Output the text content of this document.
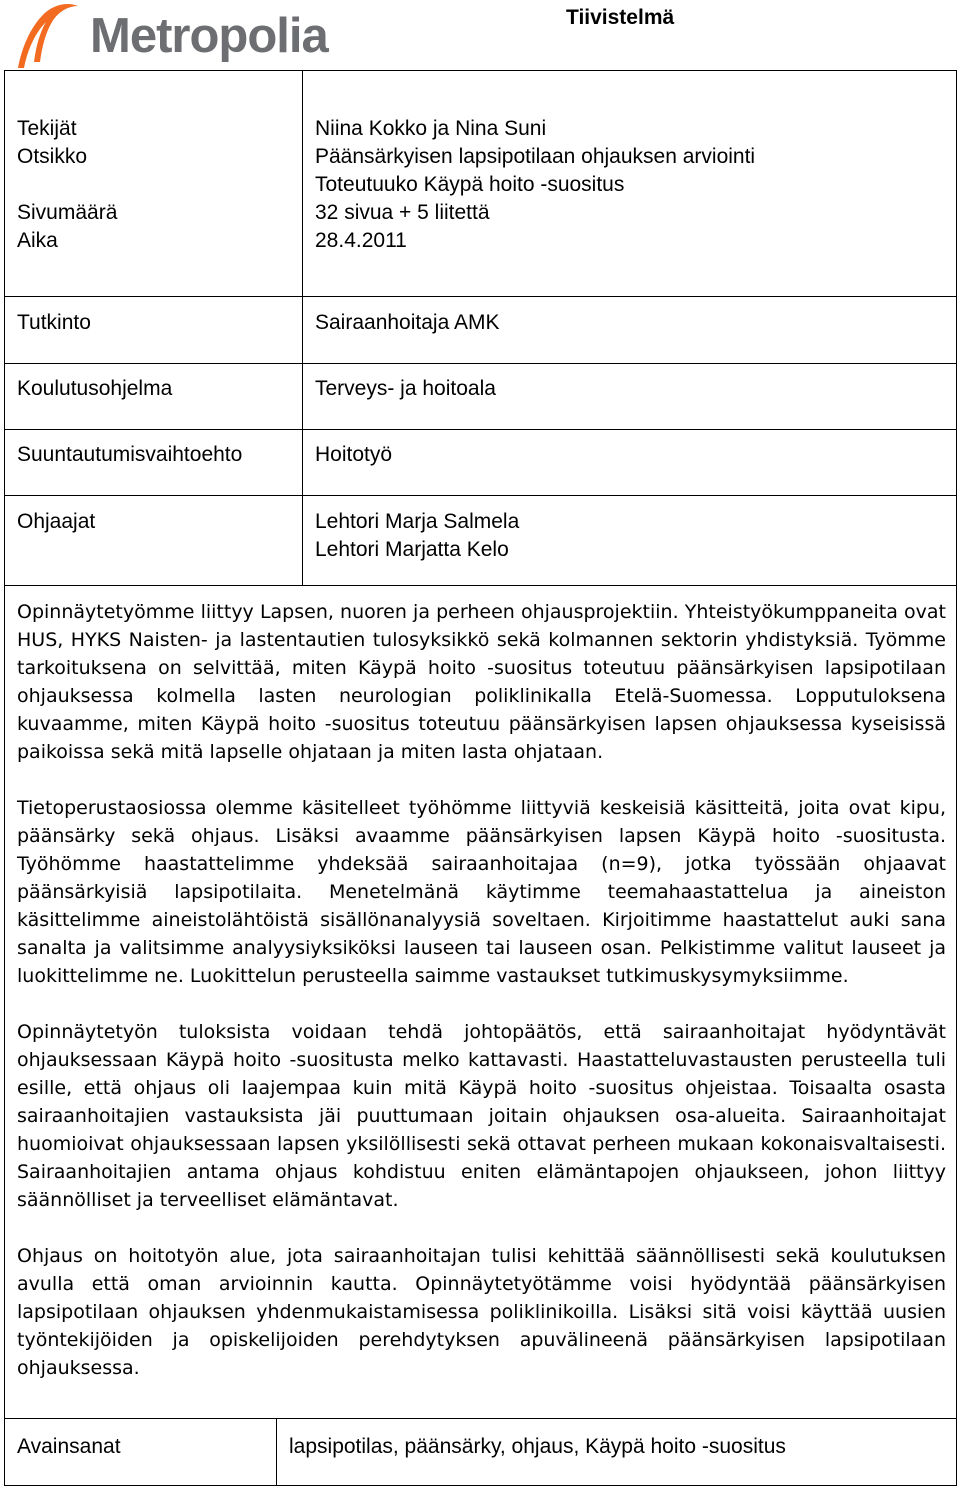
Metropolia	Tiivistelmä
Tekijät	Niina Kokko ja Nina Suni
Otsikko	Päänsärkyisen lapsipotilaan ohjauksen arviointi
Toteutuuko Käypä hoito -suositus
Sivumäärä	32 sivua + 5 liitettä
Aika	28.4.2011
Tutkinto	Sairaanhoitaja AMK
Koulutusohjelma	Terveys- ja hoitoala
Suuntautumisvaihtoehto	Hoitotyö
Ohjaajat	Lehtori Marja Salmela
Lehtori Marjatta Kelo

Opinnäytetyömme liittyy Lapsen, nuoren ja perheen ohjausprojektiin. Yhteistyökumppaneita ovat HUS, HYKS Naisten- ja lastentautien tulosyksikkö sekä kolmannen sektorin yhdistyksiä. Työmme tarkoituksena on selvittää, miten Käypä hoito -suositus toteutuu päänsärkyisen lapsipotilaan ohjauksessa kolmella lasten neurologian poliklinikalla Etelä-Suomessa. Lopputuloksena kuvaamme, miten Käypä hoito -suositus toteutuu päänsärkyisen lapsen ohjauksessa kyseisissä paikoissa sekä mitä lapselle ohjataan ja miten lasta ohjataan.

Tietoperustaosiossa olemme käsitelleet työhömme liittyviä keskeisiä käsitteitä, joita ovat kipu, päänsärky sekä ohjaus. Lisäksi avaamme päänsärkyisen lapsen Käypä hoito -suositusta. Työhömme haastattelimme yhdeksää sairaanhoitajaa (n=9), jotka työssään ohjaavat päänsärkyisiä lapsipotilaita. Menetelmänä käytimme teemahaastattelua ja aineiston käsittelimme aineistolähtöistä sisällönanalyysiä soveltaen. Kirjoitimme haastattelut auki sana sanalta ja valitsimme analyysiyksiköksi lauseen tai lauseen osan. Pelkistimme valitut lauseet ja luokittelimme ne. Luokittelun perusteella saimme vastaukset tutkimuskysymyksiimme.

Opinnäytetyön tuloksista voidaan tehdä johtopäätös, että sairaanhoitajat hyödyntävät ohjauksessaan Käypä hoito -suositusta melko kattavasti. Haastatteluvastausten perusteella tuli esille, että ohjaus oli laajempaa kuin mitä Käypä hoito -suositus ohjeistaa. Toisaalta osasta sairaanhoitajien vastauksista jäi puuttumaan joitain ohjauksen osa-alueita. Sairaanhoitajat huomioivat ohjauksessaan lapsen yksilöllisesti sekä ottavat perheen mukaan kokonaisvaltaisesti. Sairaanhoitajien antama ohjaus kohdistuu eniten elämäntapojen ohjaukseen, johon liittyy säännölliset ja terveelliset elämäntavat.

Ohjaus on hoitotyön alue, jota sairaanhoitajan tulisi kehittää säännöllisesti sekä koulutuksen avulla että oman arvioinnin kautta. Opinnäytetyötämme voisi hyödyntää päänsärkyisen lapsipotilaan ohjauksen yhdenmukaistamisessa poliklinikoilla. Lisäksi sitä voisi käyttää uusien työntekijöiden ja opiskelijoiden perehdytyksen apuvälineenä päänsärkyisen lapsipotilaan ohjauksessa.

Avainsanat	lapsipotilas, päänsärky, ohjaus, Käypä hoito -suositus
